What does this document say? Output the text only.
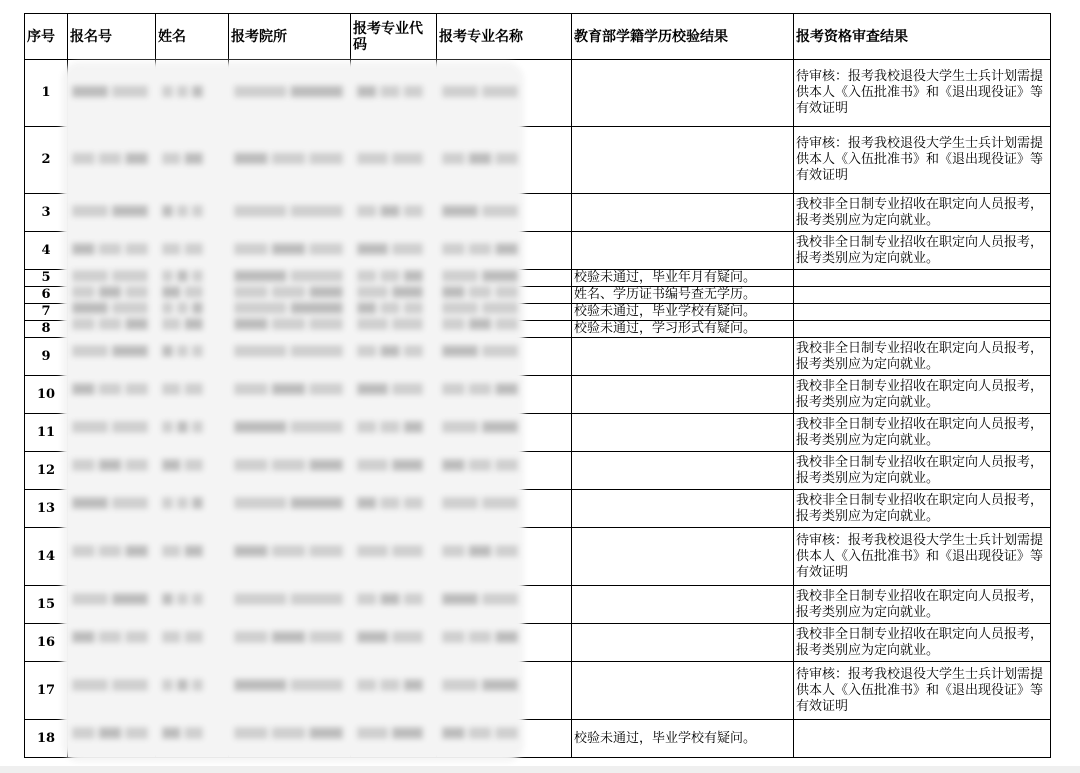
序号	报名号	姓名	报考院所	报考专业代码	报考专业名称	教育部学籍学历校验结果	报考资格审查结果
1							待审核：报考我校退役大学生士兵计划需提供本人《入伍批准书》和《退出现役证》等有效证明
2							待审核：报考我校退役大学生士兵计划需提供本人《入伍批准书》和《退出现役证》等有效证明
3							我校非全日制专业招收在职定向人员报考，报考类别应为定向就业。
4							我校非全日制专业招收在职定向人员报考，报考类别应为定向就业。
5						校验未通过，毕业年月有疑问。	
6						姓名、学历证书编号查无学历。	
7						校验未通过，毕业学校有疑问。	
8						校验未通过，学习形式有疑问。	
9							我校非全日制专业招收在职定向人员报考，报考类别应为定向就业。
10							我校非全日制专业招收在职定向人员报考，报考类别应为定向就业。
11							我校非全日制专业招收在职定向人员报考，报考类别应为定向就业。
12							我校非全日制专业招收在职定向人员报考，报考类别应为定向就业。
13							我校非全日制专业招收在职定向人员报考，报考类别应为定向就业。
14							待审核：报考我校退役大学生士兵计划需提供本人《入伍批准书》和《退出现役证》等有效证明
15							我校非全日制专业招收在职定向人员报考，报考类别应为定向就业。
16							我校非全日制专业招收在职定向人员报考，报考类别应为定向就业。
17							待审核：报考我校退役大学生士兵计划需提供本人《入伍批准书》和《退出现役证》等有效证明
18						校验未通过，毕业学校有疑问。	
